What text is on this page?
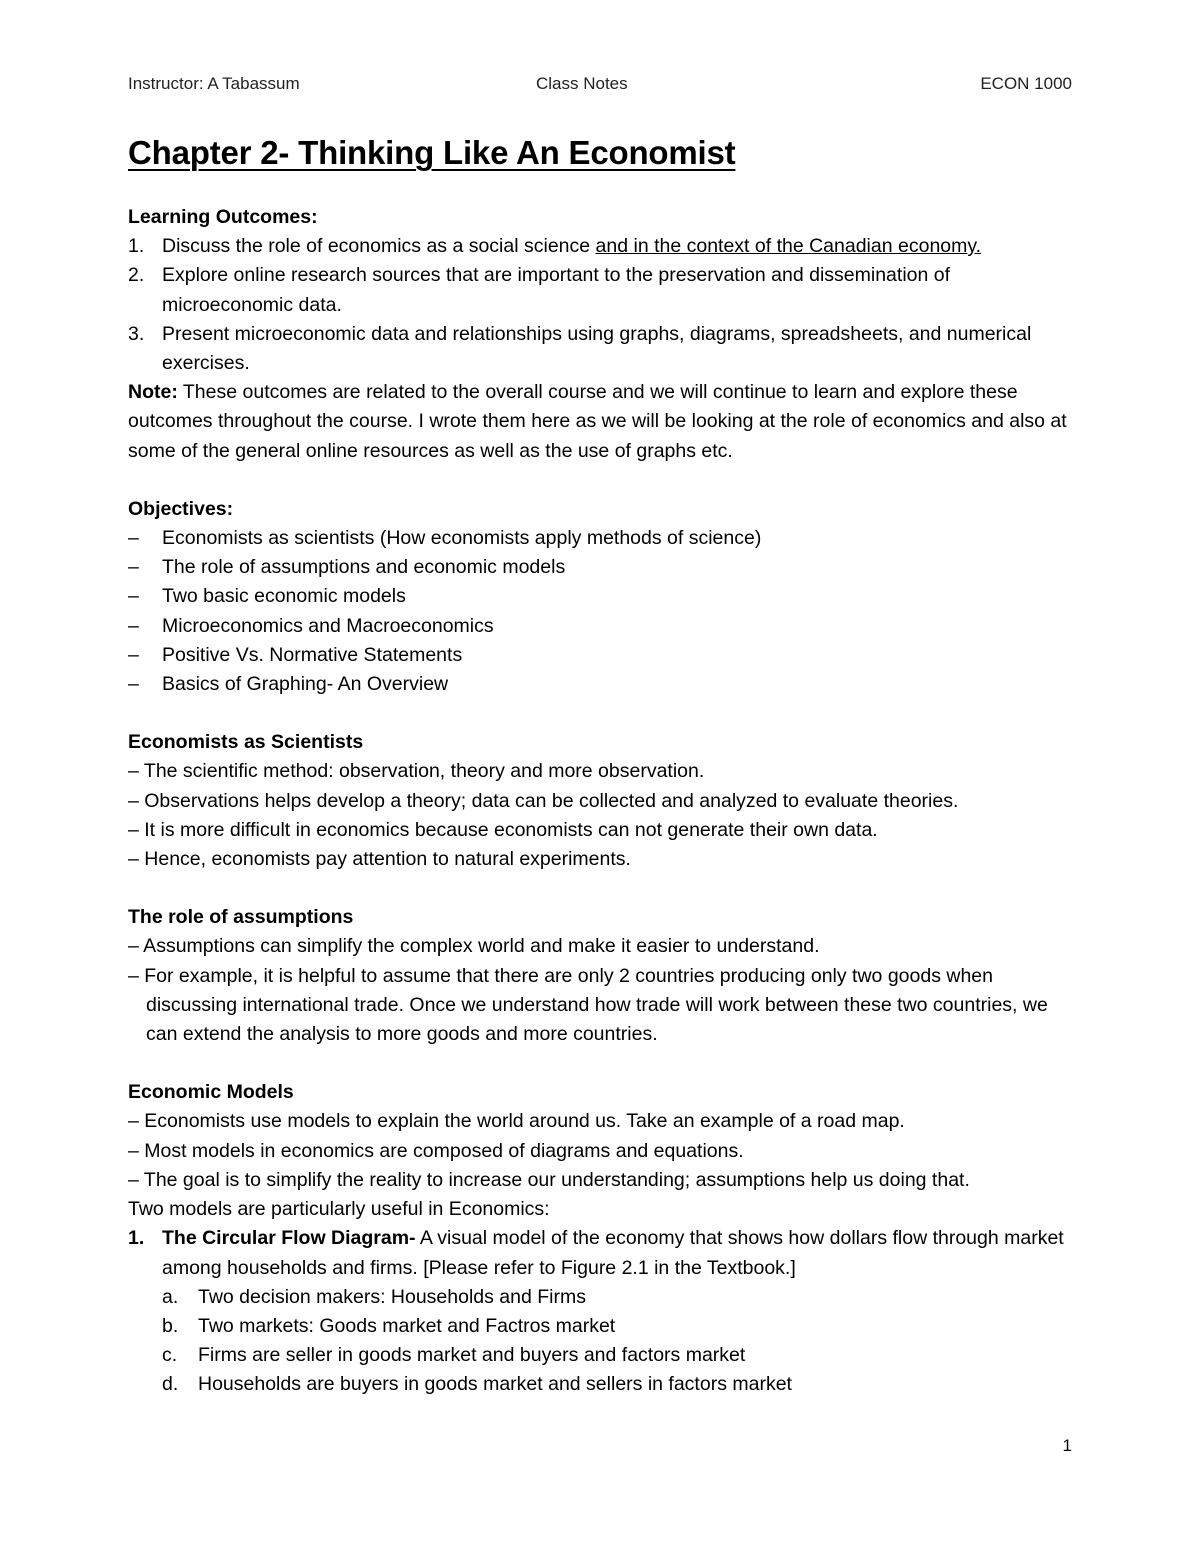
Instructor: A Tabassum	Class Notes	ECON 1000
Chapter 2- Thinking Like An Economist

Learning Outcomes:

1. Discuss the role of economics as a social science and in the context of the Canadian economy.
2. Explore online research sources that are important to the preservation and dissemination of microeconomic data.
3. Present microeconomic data and relationships using graphs, diagrams, spreadsheets, and numerical exercises.

Note: These outcomes are related to the overall course and we will continue to learn and explore these outcomes throughout the course. I wrote them here as we will be looking at the role of economics and also at some of the general online resources as well as the use of graphs etc.

Objectives:

–	Economists as scientists (How economists apply methods of science)
–	The role of assumptions and economic models
–	Two basic economic models
–	Microeconomics and Macroeconomics
–	Positive Vs. Normative Statements
–	Basics of Graphing- An Overview

Economists as Scientists

– The scientific method: observation, theory and more observation.

– Observations helps develop a theory; data can be collected and analyzed to evaluate theories.

– It is more difficult in economics because economists can not generate their own data.

– Hence, economists pay attention to natural experiments.

The role of assumptions

– Assumptions can simplify the complex world and make it easier to understand.

– For example, it is helpful to assume that there are only 2 countries producing only two goods when discussing international trade. Once we understand how trade will work between these two countries, we can extend the analysis to more goods and more countries.

Economic Models

– Economists use models to explain the world around us. Take an example of a road map.

– Most models in economics are composed of diagrams and equations.

– The goal is to simplify the reality to increase our understanding; assumptions help us doing that.

Two models are particularly useful in Economics:

1. The Circular Flow Diagram- A visual model of the economy that shows how dollars flow through market among households and firms. [Please refer to Figure 2.1 in the Textbook.]
a.	Two decision makers: Households and Firms
b.	Two markets: Goods market and Factros market
c.	Firms are seller in goods market and buyers and factors market
d.	Households are buyers in goods market and sellers in factors market
1
